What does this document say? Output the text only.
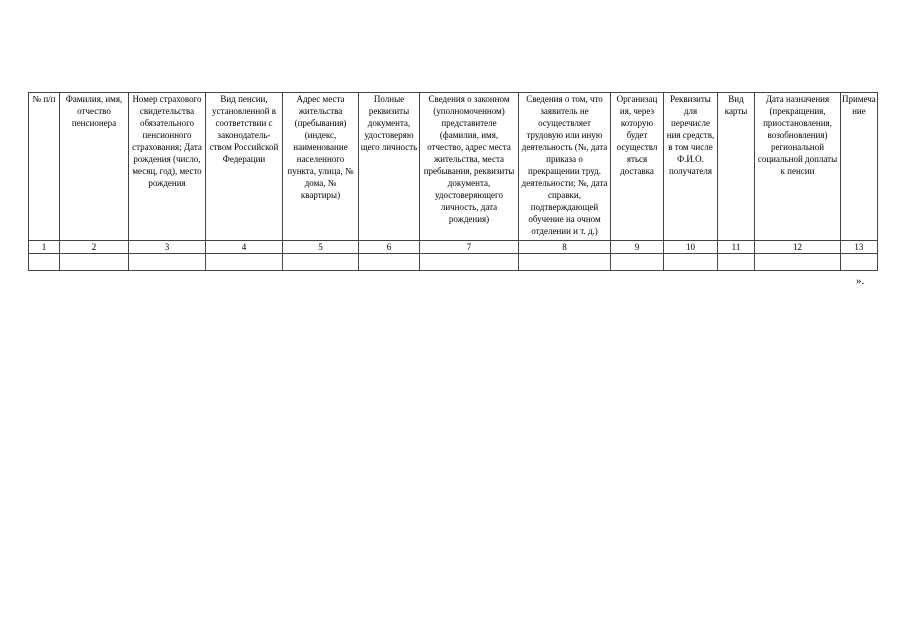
№ п/п	Фамилия, имя, отчество пенсионера	Номер страхового свидетельства обязательного пенсионного страхования; Дата рождения (число, месяц, год), место рождения	Вид пенсии, установленной в соответствии с законодатель-ством Российской Федерации	Адрес места жительства (пребывания) (индекс, наименование населенного пункта, улица, № дома, № квартиры)	Полные реквизиты документа, удостоверяю щего личность	Сведения о законном (уполномоченном) представителе (фамилия, имя, отчество, адрес места жительства, места пребывания, реквизиты документа, удостоверяющего личность, дата рождения)	Сведения о том, что заявитель не осуществляет трудовую или иную деятельность (№, дата приказа о прекращении труд. деятельности; №, дата справки, подтверждающей обучение на очном отделении и т. д.)	Организац ия, через которую будет осуществл яться доставка	Реквизиты для перечисле ния средств, в том числе Ф.И.О. получателя	Вид карты	Дата назначения (прекращения, приостановления, возобновления) региональной социальной доплаты к пенсии	Примеча ние
1	2	3	4	5	6	7	8	9	10	11	12	13

».
